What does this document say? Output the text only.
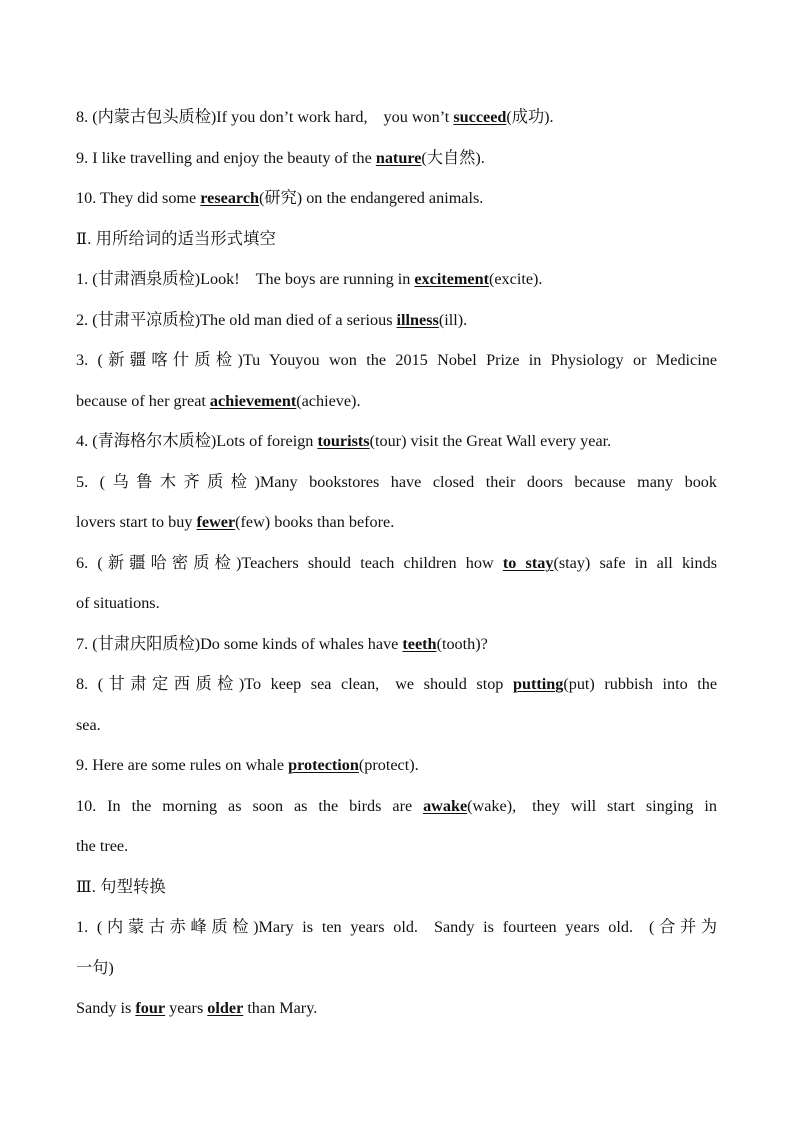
8. (内蒙古包头质检)If you don’t work hard, you won’t succeed(成功).
9. I like travelling and enjoy the beauty of the nature(大自然).
10. They did some research(研究) on the endangered animals.
Ⅱ. 用所给词的适当形式填空
1. (甘肃酒泉质检)Look! The boys are running in excitement(excite).
2. (甘肃平凉质检)The old man died of a serious illness(ill).
3. (新疆喀什质检)Tu Youyou won the 2015 Nobel Prize in Physiology or Medicine
because of her great achievement(achieve).
4. (青海格尔木质检)Lots of foreign tourists(tour) visit the Great Wall every year.
5. (乌鲁木齐质检)Many bookstores have closed their doors because many book
lovers start to buy fewer(few) books than before.
6. (新疆哈密质检)Teachers should teach children how to stay(stay) safe in all kinds
of situations.
7. (甘肃庆阳质检)Do some kinds of whales have teeth(tooth)?
8. (甘肃定西质检)To keep sea clean, we should stop putting(put) rubbish into the
sea.
9. Here are some rules on whale protection(protect).
10. In the morning as soon as the birds are awake(wake), they will start singing in
the tree.
Ⅲ. 句型转换
1. (内蒙古赤峰质检)Mary is ten years old. Sandy is fourteen years old. (合并为
一句)
Sandy is four years older than Mary.
